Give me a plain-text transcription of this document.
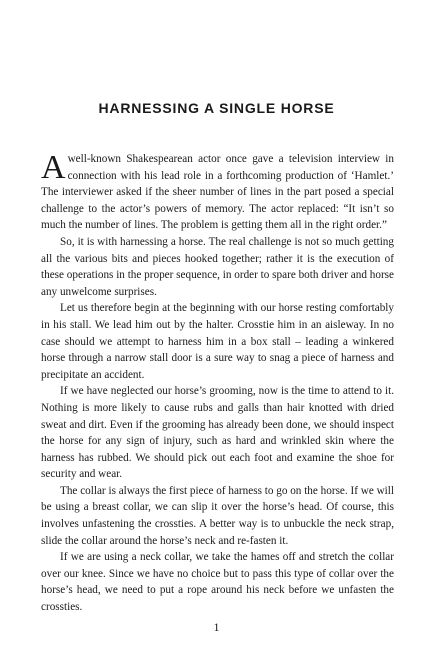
HARNESSING A SINGLE HORSE

Awell-known Shakespearean actor once gave a television interview in connection with his lead role in a forthcoming production of ‘Hamlet.’ The interviewer asked if the sheer number of lines in the part posed a special challenge to the actor’s powers of memory. The actor replaced: “It isn’t so much the number of lines. The problem is getting them all in the right order.”

So, it is with harnessing a horse. The real challenge is not so much getting all the various bits and pieces hooked together; rather it is the execution of these operations in the proper sequence, in order to spare both driver and horse any unwelcome surprises.

Let us therefore begin at the beginning with our horse resting comfortably in his stall. We lead him out by the halter. Crosstie him in an aisleway. In no case should we attempt to harness him in a box stall – leading a winkered horse through a narrow stall door is a sure way to snag a piece of harness and precipitate an accident.

If we have neglected our horse’s grooming, now is the time to attend to it. Nothing is more likely to cause rubs and galls than hair knotted with dried sweat and dirt. Even if the grooming has already been done, we should inspect the horse for any sign of injury, such as hard and wrinkled skin where the harness has rubbed. We should pick out each foot and examine the shoe for security and wear.

The collar is always the first piece of harness to go on the horse. If we will be using a breast collar, we can slip it over the horse’s head. Of course, this involves unfastening the crossties. A better way is to unbuckle the neck strap, slide the collar around the horse’s neck and re-fasten it.

If we are using a neck collar, we take the hames off and stretch the collar over our knee. Since we have no choice but to pass this type of collar over the horse’s head, we need to put a rope around his neck before we unfasten the crossties.

1
